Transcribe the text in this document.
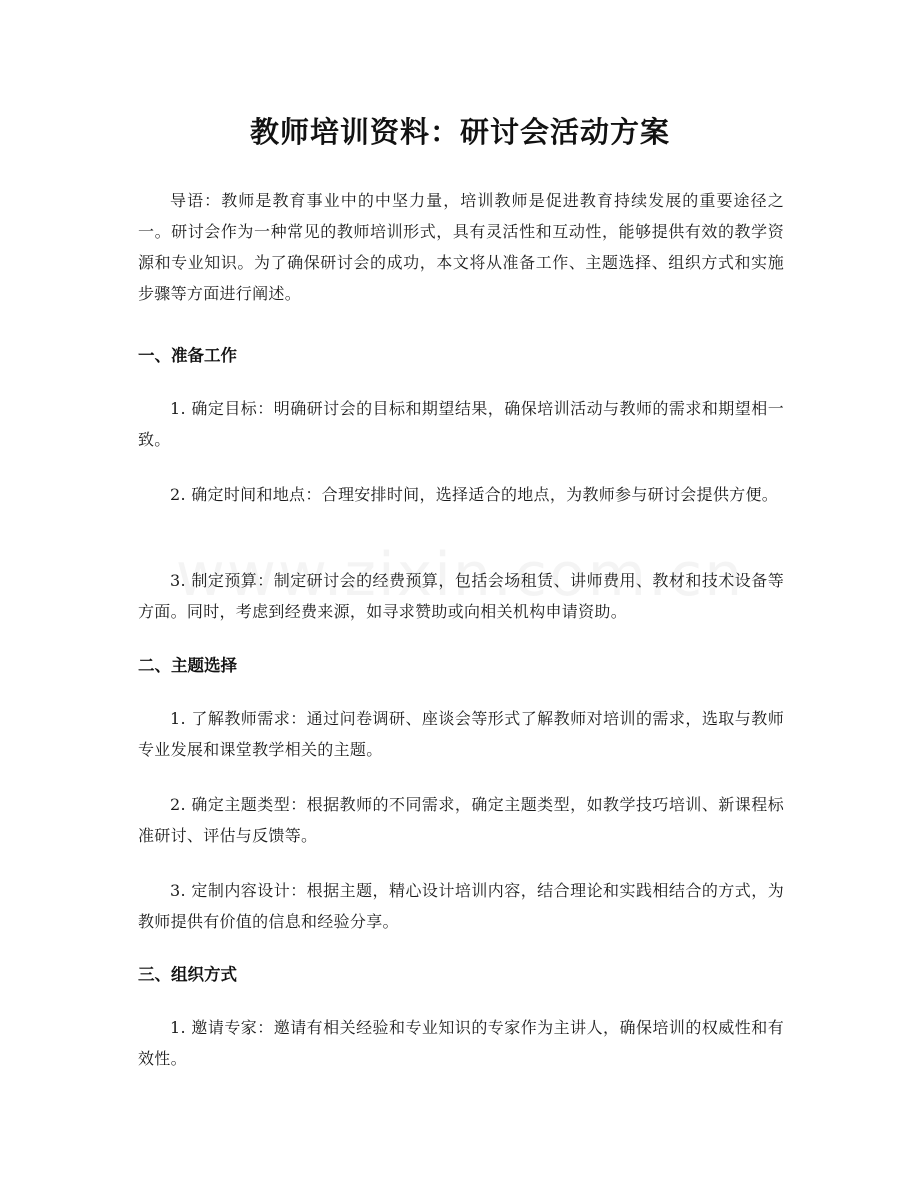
教师培训资料：研讨会活动方案

导语：教师是教育事业中的中坚力量，培训教师是促进教育持续发展的重要途径之一。研讨会作为一种常见的教师培训形式，具有灵活性和互动性，能够提供有效的教学资源和专业知识。为了确保研讨会的成功，本文将从准备工作、主题选择、组织方式和实施步骤等方面进行阐述。

一、准备工作

1. 确定目标：明确研讨会的目标和期望结果，确保培训活动与教师的需求和期望相一致。

2. 确定时间和地点：合理安排时间，选择适合的地点，为教师参与研讨会提供方便。

3. 制定预算：制定研讨会的经费预算，包括会场租赁、讲师费用、教材和技术设备等方面。同时，考虑到经费来源，如寻求赞助或向相关机构申请资助。

二、主题选择

1. 了解教师需求：通过问卷调研、座谈会等形式了解教师对培训的需求，选取与教师专业发展和课堂教学相关的主题。

2. 确定主题类型：根据教师的不同需求，确定主题类型，如教学技巧培训、新课程标准研讨、评估与反馈等。

3. 定制内容设计：根据主题，精心设计培训内容，结合理论和实践相结合的方式，为教师提供有价值的信息和经验分享。

三、组织方式

1. 邀请专家：邀请有相关经验和专业知识的专家作为主讲人，确保培训的权威性和有效性。
